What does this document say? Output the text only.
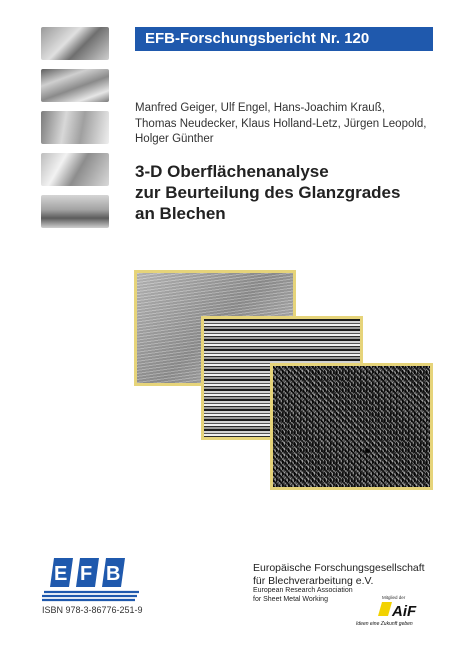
EFB-Forschungsbericht Nr. 120
Manfred Geiger, Ulf Engel, Hans-Joachim Krauß,
Thomas Neudecker, Klaus Holland-Letz, Jürgen Leopold,
Holger Günther
3-D Oberflächenanalyse
zur Beurteilung des Glanzgrades
an Blechen
E F B
ISBN 978-3-86776-251-9
Europäische Forschungsgesellschaft
für Blechverarbeitung e.V.
European Research Association
for Sheet Metal Working	Mitglied der
AiF
Ideen eine Zukunft geben
